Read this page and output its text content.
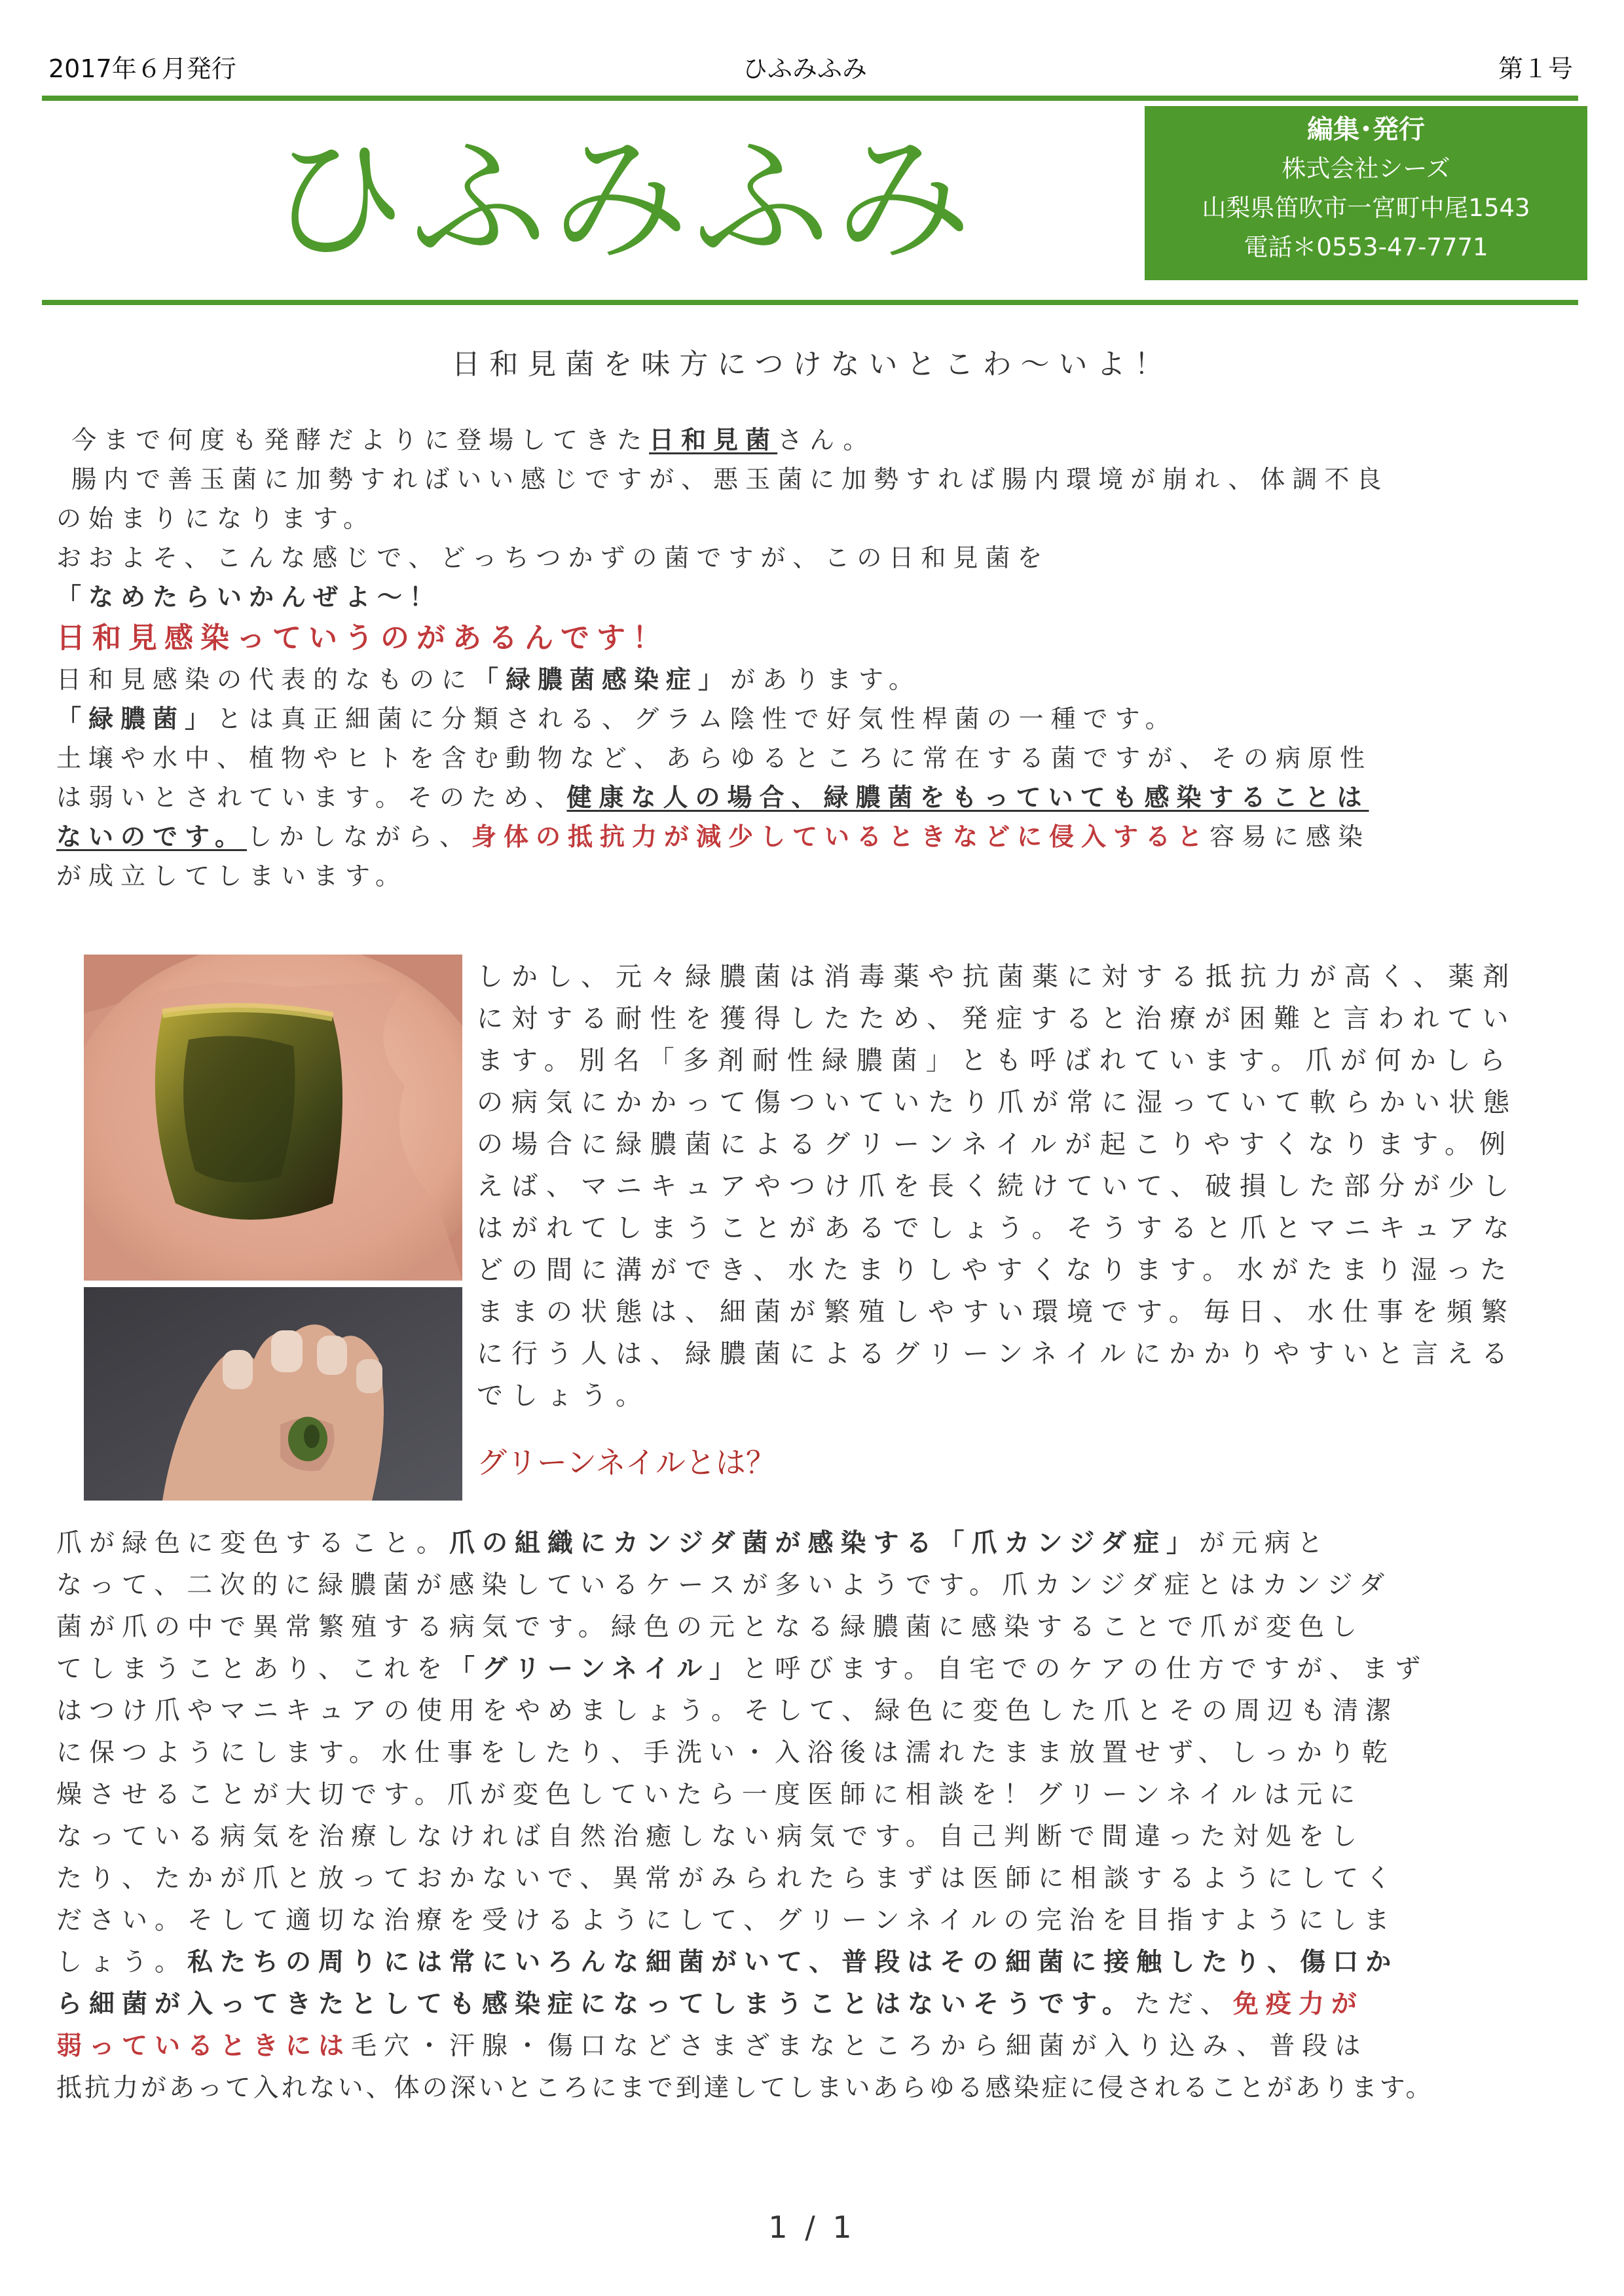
2017年６月発行	ひふみふみ	第１号
ひふみふみ	編集･発行
株式会社シーズ
山梨県笛吹市一宮町中尾1543
電話＊0553-47-7771
日和見菌を味方につけないとこわ～いよ！

今まで何度も発酵だよりに登場してきた日和見菌さん。

腸内で善玉菌に加勢すればいい感じですが、悪玉菌に加勢すれば腸内環境が崩れ、体調不良

の始まりになります。

おおよそ、こんな感じで、どっちつかずの菌ですが、この日和見菌を

「なめたらいかんぜよ～！

日和見感染っていうのがあるんです！

日和見感染の代表的なものに「緑膿菌感染症」があります。

「緑膿菌」とは真正細菌に分類される、グラム陰性で好気性桿菌の一種です。

土壌や水中、植物やヒトを含む動物など、あらゆるところに常在する菌ですが、その病原性

は弱いとされています。そのため、健康な人の場合、緑膿菌をもっていても感染することは

ないのです。しかしながら、身体の抵抗力が減少しているときなどに侵入すると容易に感染

が成立してしまいます。

しかし、元々緑膿菌は消毒薬や抗菌薬に対する抵抗力が高く、薬剤

に対する耐性を獲得したため、発症すると治療が困難と言われてい

ます。別名「多剤耐性緑膿菌」とも呼ばれています。爪が何かしら

の病気にかかって傷ついていたり爪が常に湿っていて軟らかい状態

の場合に緑膿菌によるグリーンネイルが起こりやすくなります。例

えば、マニキュアやつけ爪を長く続けていて、破損した部分が少し

はがれてしまうことがあるでしょう。そうすると爪とマニキュアな

どの間に溝ができ、水たまりしやすくなります。水がたまり湿った

ままの状態は、細菌が繁殖しやすい環境です。毎日、水仕事を頻繁

に行う人は、緑膿菌によるグリーンネイルにかかりやすいと言える

でしょう。

グリーンネイルとは？

爪が緑色に変色すること。爪の組織にカンジダ菌が感染する「爪カンジダ症」が元病と

なって、二次的に緑膿菌が感染しているケースが多いようです。爪カンジダ症とはカンジダ

菌が爪の中で異常繁殖する病気です。緑色の元となる緑膿菌に感染することで爪が変色し

てしまうことあり、これを「グリーンネイル」と呼びます。自宅でのケアの仕方ですが、まず

はつけ爪やマニキュアの使用をやめましょう。そして、緑色に変色した爪とその周辺も清潔

に保つようにします。水仕事をしたり、手洗い・入浴後は濡れたまま放置せず、しっかり乾

燥させることが大切です。爪が変色していたら一度医師に相談を！グリーンネイルは元に

なっている病気を治療しなければ自然治癒しない病気です。自己判断で間違った対処をし

たり、たかが爪と放っておかないで、異常がみられたらまずは医師に相談するようにしてく

ださい。そして適切な治療を受けるようにして、グリーンネイルの完治を目指すようにしま

しょう。私たちの周りには常にいろんな細菌がいて、普段はその細菌に接触したり、傷口か

ら細菌が入ってきたとしても感染症になってしまうことはないそうです。ただ、免疫力が

弱っているときには毛穴・汗腺・傷口などさまざまなところから細菌が入り込み、普段は

抵抗力があって入れない、体の深いところにまで到達してしまいあらゆる感染症に侵されることがあります。

1 / 1
